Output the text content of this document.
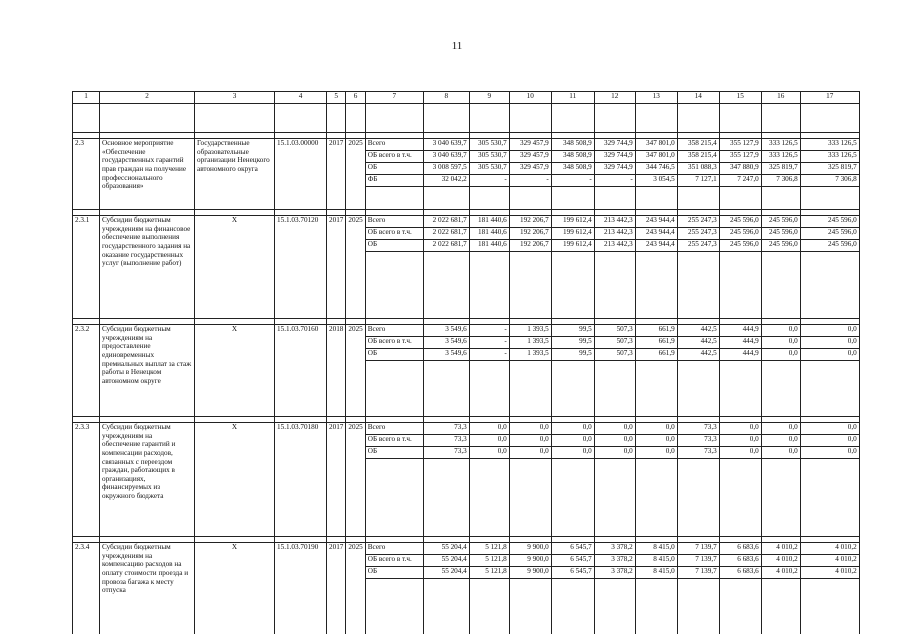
11
1	2	3	4	5	6	7	8	9	10	11	12	13	14	15	16	17

2.3	Основное мероприятие «Обеспечение государственных гарантий прав граждан на получение профессионального образования»	Государственные образовательные организации Ненецкого автономного округа	15.1.03.00000	2017	2025	Всего	3 040 639,7	305 530,7	329 457,9	348 508,9	329 744,9	347 801,0	358 215,4	355 127,9	333 126,5	333 126,5
						ОБ всего в т.ч.	3 040 639,7	305 530,7	329 457,9	348 508,9	329 744,9	347 801,0	358 215,4	355 127,9	333 126,5	333 126,5
						ОБ	3 008 597,5	305 530,7	329 457,9	348 508,9	329 744,9	344 746,5	351 088,3	347 880,9	325 819,7	325 819,7
						ФБ	32 042,2	-	-	-	-	3 054,5	7 127,1	7 247,0	7 306,8	7 306,8

2.3.1	Субсидии бюджетным учреждениям на финансовое обеспечение выполнения государственного задания на оказание государственных услуг (выполнение работ)	X	15.1.03.70120	2017	2025	Всего	2 022 681,7	181 440,6	192 206,7	199 612,4	213 442,3	243 944,4	255 247,3	245 596,0	245 596,0	245 596,0
						ОБ всего в т.ч.	2 022 681,7	181 440,6	192 206,7	199 612,4	213 442,3	243 944,4	255 247,3	245 596,0	245 596,0	245 596,0
						ОБ	2 022 681,7	181 440,6	192 206,7	199 612,4	213 442,3	243 944,4	255 247,3	245 596,0	245 596,0	245 596,0

2.3.2	Субсидии бюджетным учреждениям на предоставление единовременных премиальных выплат за стаж работы в Ненецком автономном округе	X	15.1.03.70160	2018	2025	Всего	3 549,6	-	1 393,5	99,5	507,3	661,9	442,5	444,9	0,0	0,0
						ОБ всего в т.ч.	3 549,6	-	1 393,5	99,5	507,3	661,9	442,5	444,9	0,0	0,0
						ОБ	3 549,6	-	1 393,5	99,5	507,3	661,9	442,5	444,9	0,0	0,0

2.3.3	Субсидии бюджетным учреждениям на обеспечение гарантий и компенсации расходов, связанных с переездом граждан, работающих в организациях, финансируемых из окружного бюджета	X	15.1.03.70180	2017	2025	Всего	73,3	0,0	0,0	0,0	0,0	0,0	73,3	0,0	0,0	0,0
						ОБ всего в т.ч.	73,3	0,0	0,0	0,0	0,0	0,0	73,3	0,0	0,0	0,0
						ОБ	73,3	0,0	0,0	0,0	0,0	0,0	73,3	0,0	0,0	0,0

2.3.4	Субсидии бюджетным учреждениям на компенсацию расходов на оплату стоимости проезда и провоза багажа к месту отпуска	X	15.1.03.70190	2017	2025	Всего	55 204,4	5 121,8	9 900,0	6 545,7	3 378,2	8 415,0	7 139,7	6 683,6	4 010,2	4 010,2
						ОБ всего в т.ч.	55 204,4	5 121,8	9 900,0	6 545,7	3 378,2	8 415,0	7 139,7	6 683,6	4 010,2	4 010,2
						ОБ	55 204,4	5 121,8	9 900,0	6 545,7	3 378,2	8 415,0	7 139,7	6 683,6	4 010,2	4 010,2
